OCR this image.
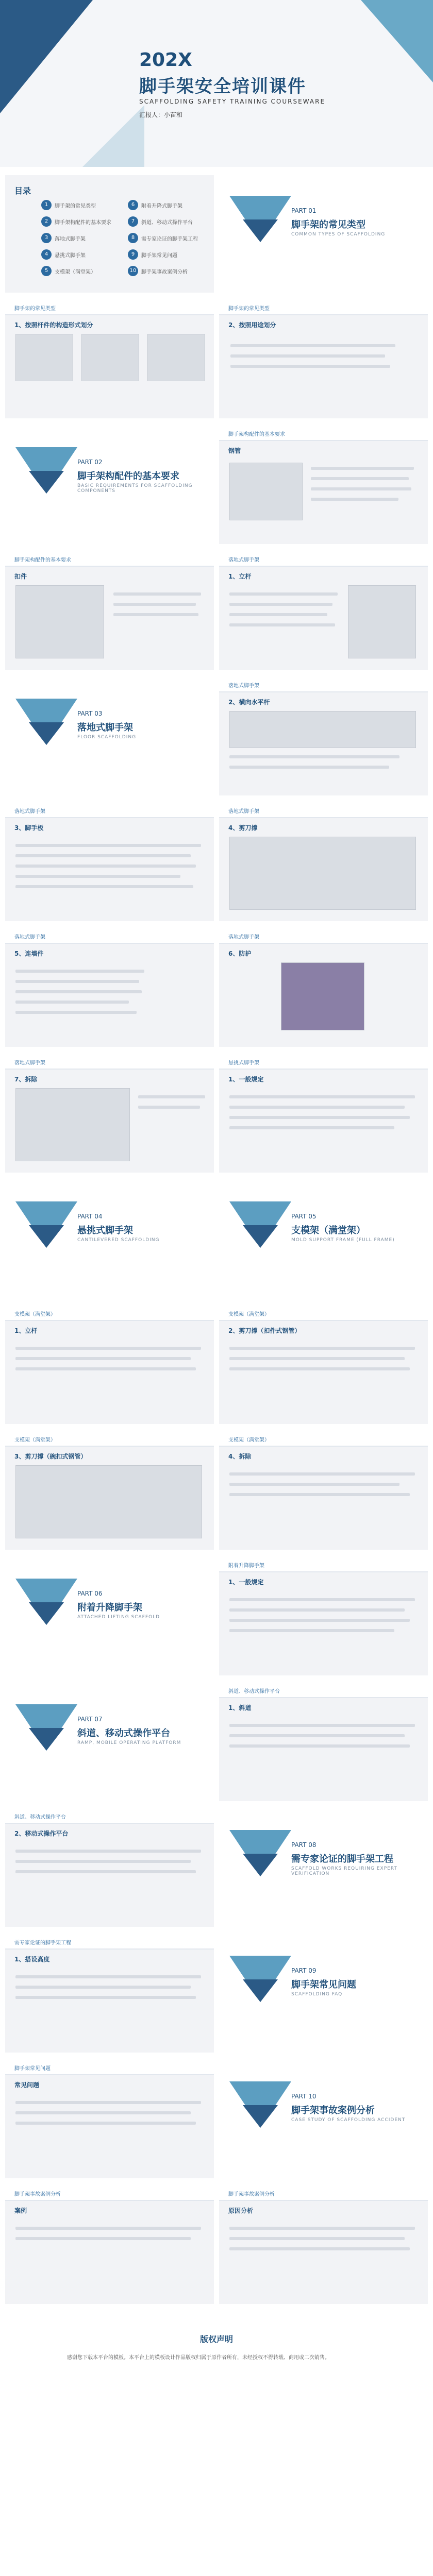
202X
脚手架安全培训课件
SCAFFOLDING SAFETY TRAINING COURSEWARE
汇报人：小苗和
目录
1	脚手架的常见类型	6	附着升降式脚手架
2	脚手架构配件的基本要求	7	斜道、移动式操作平台
3	落地式脚手架	8	需专家论证的脚手架工程
4	悬挑式脚手架	9	脚手架常见问题
5	支模架（满堂架）	10 脚手架事故案例分析
PART 01
脚手架的常见类型
COMMON TYPES OF SCAFFOLDING
脚手架的常见类型
1、按照杆件的构造形式划分
脚手架的常见类型
2、按照用途划分
PART 02
脚手架构配件的基本要求
BASIC REQUIREMENTS FOR SCAFFOLDING COMPONENTS
脚手架构配件的基本要求
钢管
脚手架构配件的基本要求
扣件
落地式脚手架
1、立杆
PART 03
落地式脚手架
FLOOR SCAFFOLDING
落地式脚手架
2、横向水平杆
落地式脚手架
3、脚手板
落地式脚手架
4、剪刀撑
落地式脚手架
5、连墙件
落地式脚手架
6、防护
落地式脚手架
7、拆除
悬挑式脚手架
1、一般规定
PART 04
悬挑式脚手架
CANTILEVERED SCAFFOLDING
PART 05
支模架（满堂架）
MOLD SUPPORT FRAME (FULL FRAME)
支模架（满堂架）
1、立杆
支模架（满堂架）
2、剪刀撑（扣件式钢管）
支模架（满堂架）
3、剪刀撑（碗扣式钢管）
支模架（满堂架）
4、拆除
PART 06
附着升降脚手架
ATTACHED LIFTING SCAFFOLD
附着升降脚手架
1、一般规定
PART 07
斜道、移动式操作平台
RAMP, MOBILE OPERATING PLATFORM
斜道、移动式操作平台
1、斜道
斜道、移动式操作平台
2、移动式操作平台
PART 08
需专家论证的脚手架工程
SCAFFOLD WORKS REQUIRING EXPERT VERIFICATION
需专家论证的脚手架工程
1、搭设高度
PART 09
脚手架常见问题
SCAFFOLDING FAQ
脚手架常见问题
常见问题
PART 10
脚手架事故案例分析
CASE STUDY OF SCAFFOLDING ACCIDENT
脚手架事故案例分析
案例
脚手架事故案例分析
原因分析
版权声明
感谢您下载本平台的模板。本平台上的模板设计作品版权归属于原作者所有，未经授权不得转载、商用或二次销售。
